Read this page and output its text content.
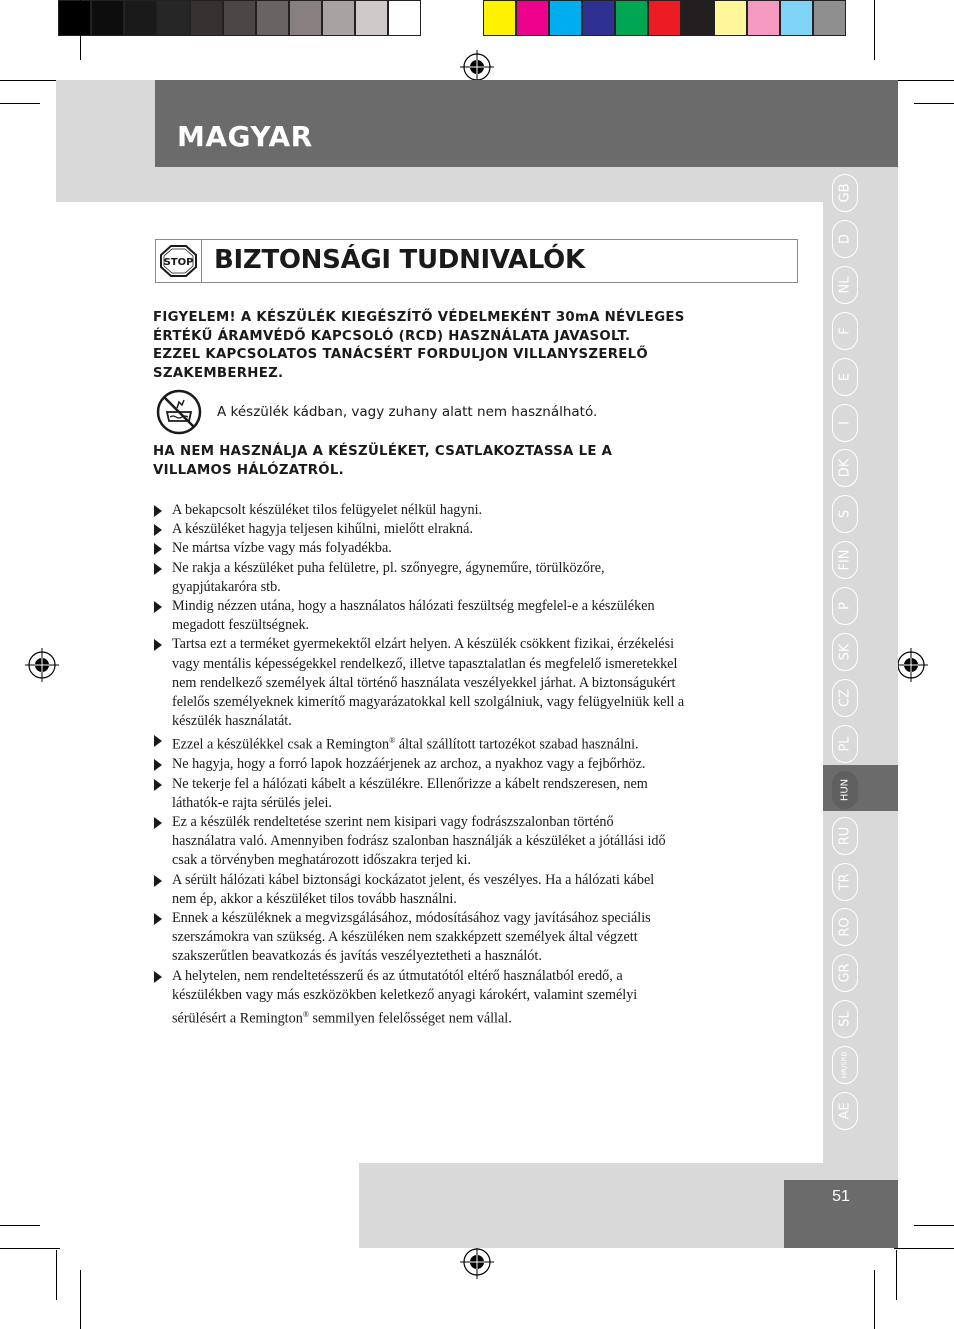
MAGYAR
GB
D
NL
F
E
I
DK
S
FIN
P
SK
CZ
PL
HUN
RU
TR
RO
GR
SL
HR/SRB
AE
STOP BIZTONSÁGI TUDNIVALÓK
FIGYELEM! A KÉSZÜLÉK KIEGÉSZÍTŐ VÉDELMEKÉNT 30mA NÉVLEGES
ÉRTÉKŰ ÁRAMVÉDŐ KAPCSOLÓ (RCD) HASZNÁLATA JAVASOLT.
EZZEL KAPCSOLATOS TANÁCSÉRT FORDULJON VILLANYSZERELŐ
SZAKEMBERHEZ.
A készülék kádban, vagy zuhany alatt nem használható.
HA NEM HASZNÁLJA A KÉSZÜLÉKET, CSATLAKOZTASSA LE A
VILLAMOS HÁLÓZATRÓL.
A bekapcsolt készüléket tilos felügyelet nélkül hagyni.
A készüléket hagyja teljesen kihűlni, mielőtt elrakná.
Ne mártsa vízbe vagy más folyadékba.
Ne rakja a készüléket puha felületre, pl. szőnyegre, ágyneműre, törülközőre,
gyapjútakaróra stb.
Mindig nézzen utána, hogy a használatos hálózati feszültség megfelel-e a készüléken
megadott feszültségnek.
Tartsa ezt a terméket gyermekektől elzárt helyen. A készülék csökkent fizikai, érzékelési
vagy mentális képességekkel rendelkező, illetve tapasztalatlan és megfelelő ismeretekkel
nem rendelkező személyek által történő használata veszélyekkel járhat. A biztonságukért
felelős személyeknek kimerítő magyarázatokkal kell szolgálniuk, vagy felügyelniük kell a
készülék használatát.
Ezzel a készülékkel csak a Remington® által szállított tartozékot szabad használni.
Ne hagyja, hogy a forró lapok hozzáérjenek az archoz, a nyakhoz vagy a fejbőrhöz.
Ne tekerje fel a hálózati kábelt a készülékre. Ellenőrizze a kábelt rendszeresen, nem
láthatók-e rajta sérülés jelei.
Ez a készülék rendeltetése szerint nem kisipari vagy fodrászszalonban történő
használatra való. Amennyiben fodrász szalonban használják a készüléket a jótállási idő
csak a törvényben meghatározott időszakra terjed ki.
A sérült hálózati kábel biztonsági kockázatot jelent, és veszélyes. Ha a hálózati kábel
nem ép, akkor a készüléket tilos tovább használni.
Ennek a készüléknek a megvizsgálásához, módosításához vagy javításához speciális
szerszámokra van szükség. A készüléken nem szakképzett személyek által végzett
szakszerűtlen beavatkozás és javítás veszélyeztetheti a használót.
A helytelen, nem rendeltetésszerű és az útmutatótól eltérő használatból eredő, a
készülékben vagy más eszközökben keletkező anyagi károkért, valamint személyi
sérülésért a Remington® semmilyen felelősséget nem vállal.
51
